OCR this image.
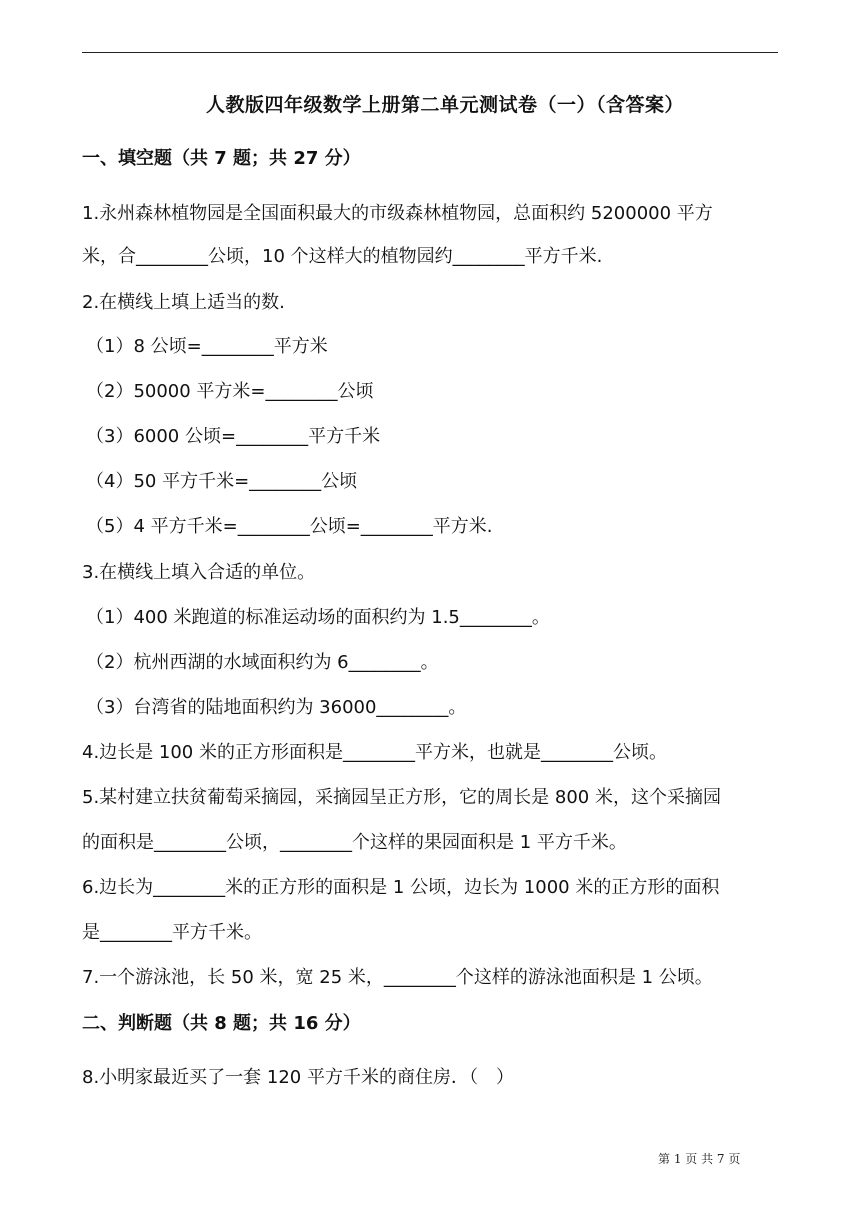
人教版四年级数学上册第二单元测试卷（一）（含答案）
一、填空题（共 7 题；共 27 分）
1.永州森林植物园是全国面积最大的市级森林植物园，总面积约 5200000 平方
米，合________公顷，10 个这样大的植物园约________平方千米.
2.在横线上填上适当的数.
（1）8 公顷=________平方米
（2）50000 平方米=________公顷
（3）6000 公顷=________平方千米
（4）50 平方千米=________公顷
（5）4 平方千米=________公顷=________平方米.
3.在横线上填入合适的单位。
（1）400 米跑道的标准运动场的面积约为 1.5________。
（2）杭州西湖的水域面积约为 6________。
（3）台湾省的陆地面积约为 36000________。
4.边长是 100 米的正方形面积是________平方米，也就是________公顷。
5.某村建立扶贫葡萄采摘园，采摘园呈正方形，它的周长是 800 米，这个采摘园
的面积是________公顷，________个这样的果园面积是 1 平方千米。
6.边长为________米的正方形的面积是 1 公顷，边长为 1000 米的正方形的面积
是________平方千米。
7.一个游泳池，长 50 米，宽 25 米，________个这样的游泳池面积是 1 公顷。
二、判断题（共 8 题；共 16 分）
8.小明家最近买了一套 120 平方千米的商住房．（　）
第 1 页 共 7 页
